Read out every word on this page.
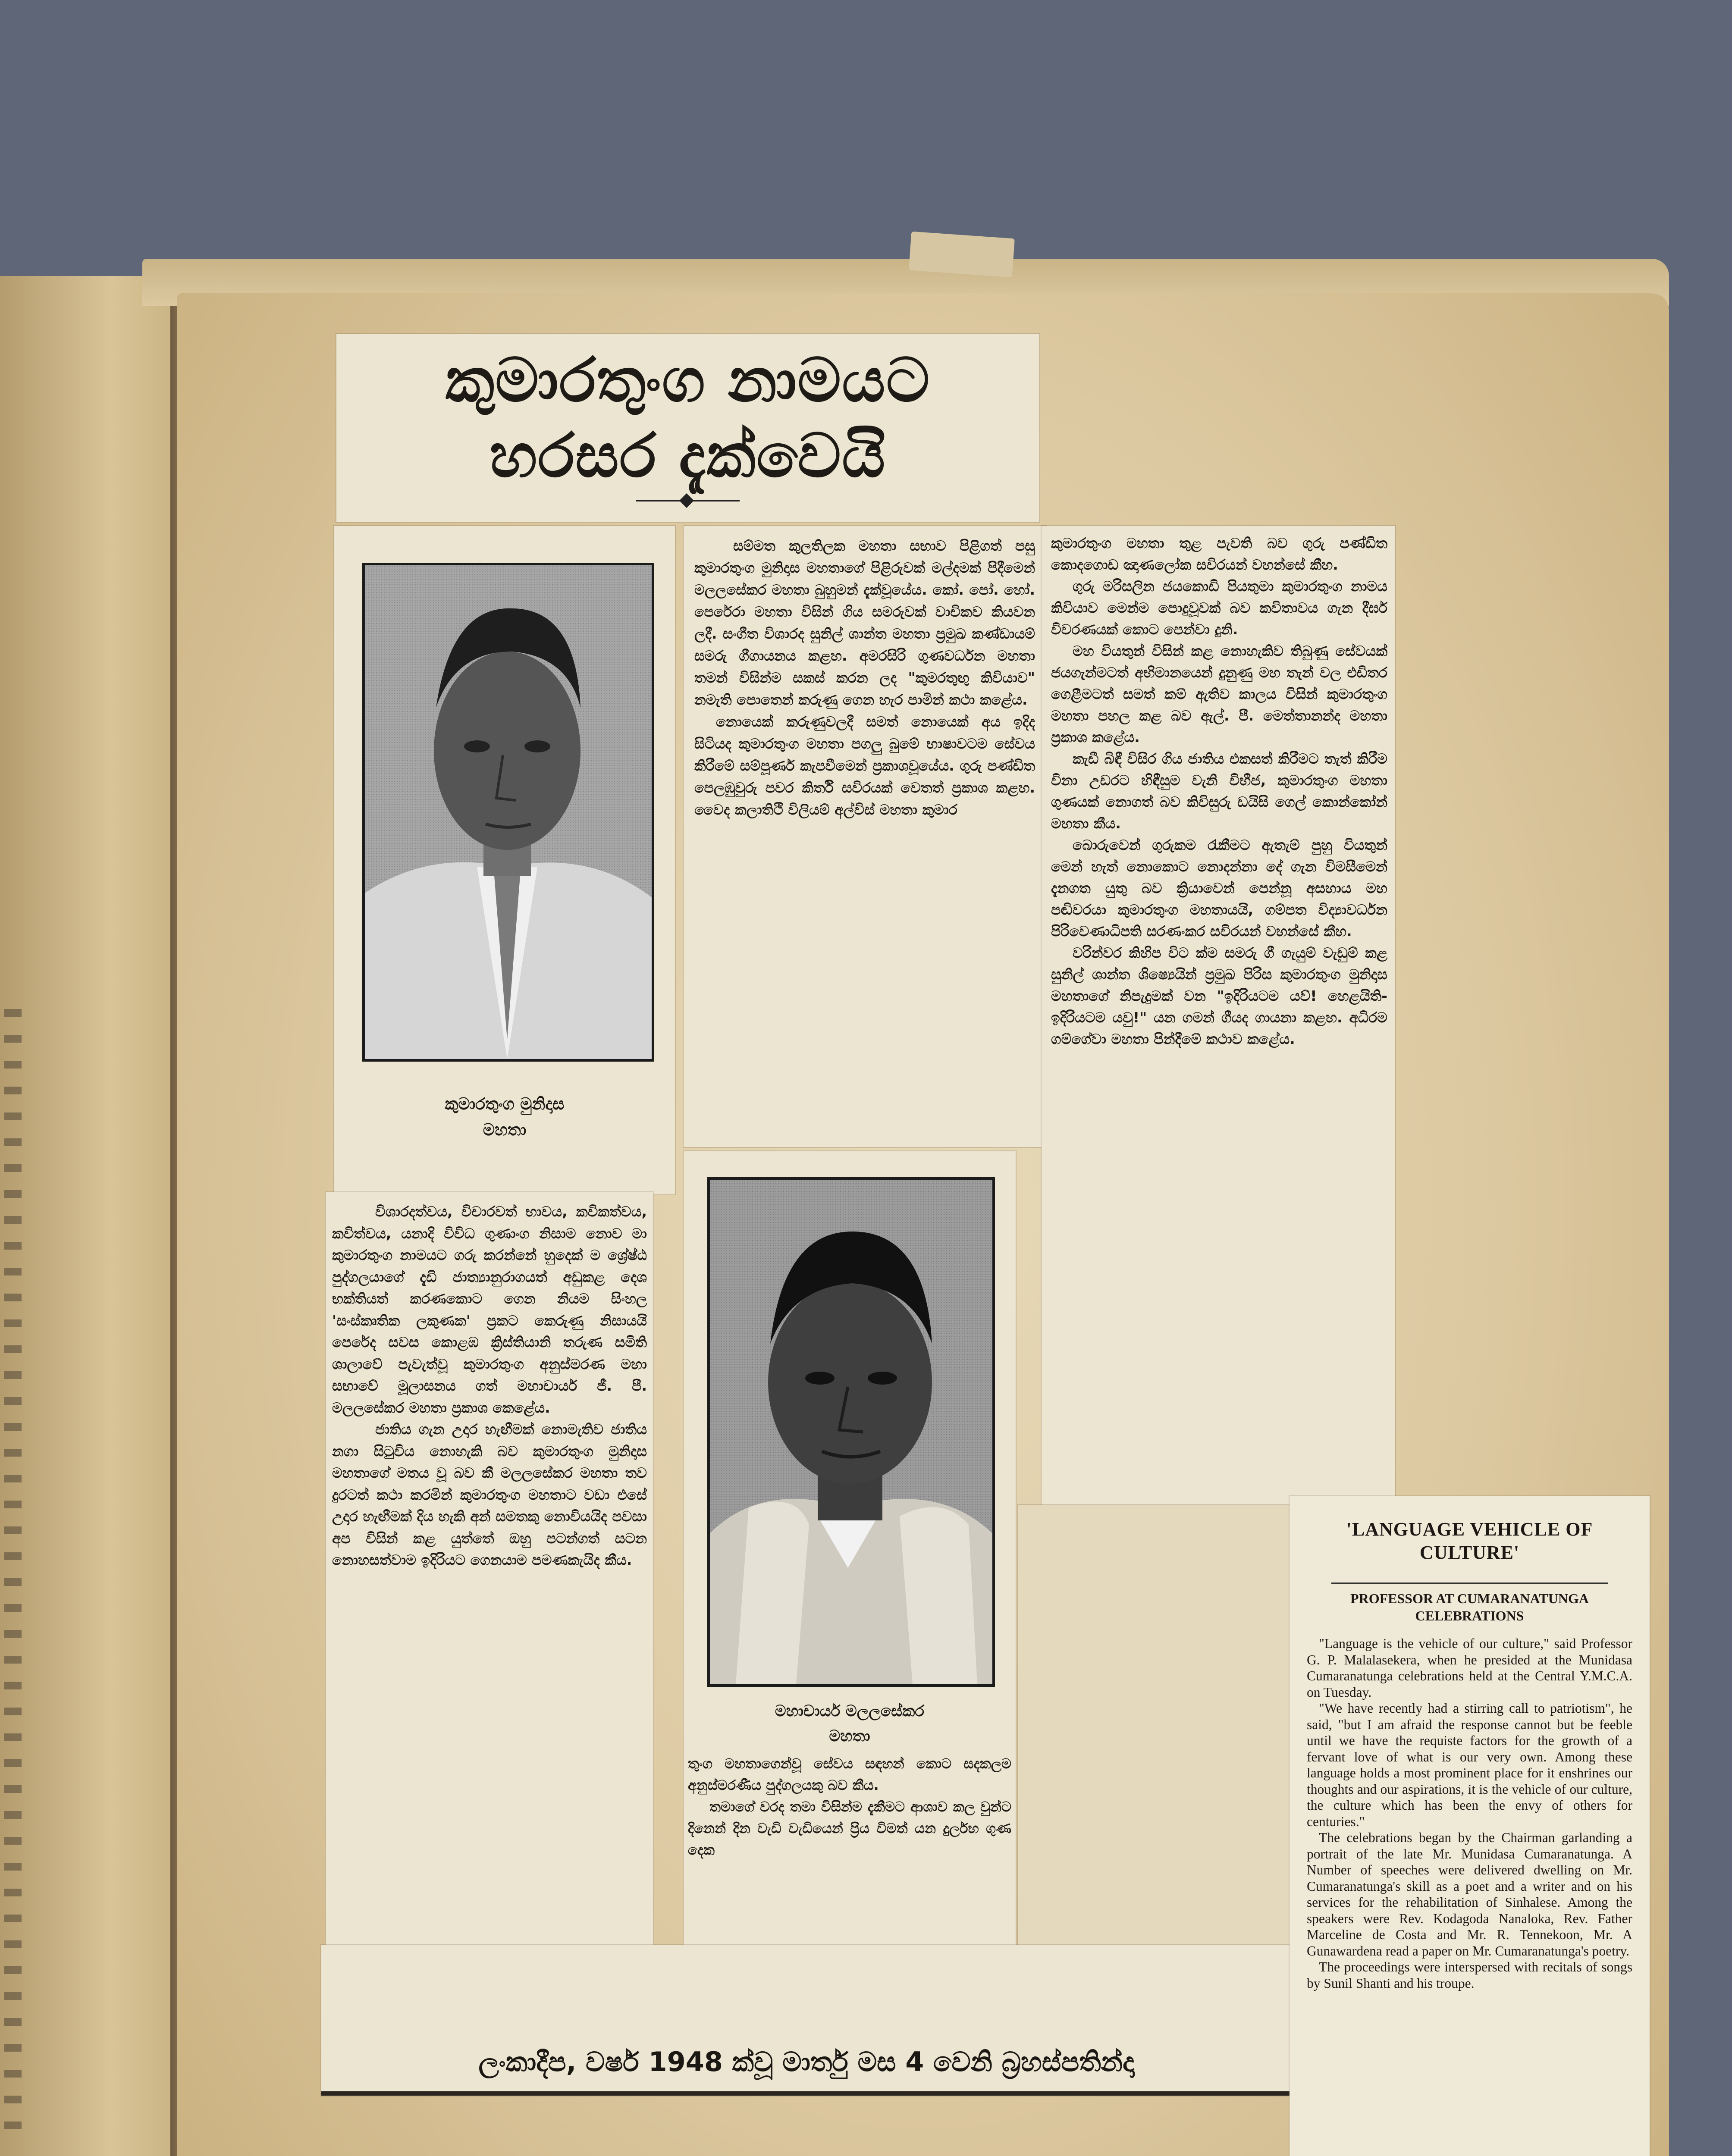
කුමාරතුංග නාමයට
හරසර දැක්වෙයි
කුමාරතුංග මුනිදාස
මහතා

සම්මත කුලතිලක මහතා සභාව පිළිගත් පසු කුමාරතුංග මුනිදාස මහතාගේ පිළිරුවක් මල්දමක් පිදීමෙන් මලලසේකර මහතා බුහුමන් දැක්වූයේය. කෝ. පෝ. හෝ. පෙරේරා මහතා විසින් ගිය සමරුවක් වාචිකව කියවන ලදී. සංගීත විශාරද සුනිල් ශාන්ත මහතා ප්‍රමුඛ කණ්ඩායම් සමරු ගීගායනය කළහ. අමරසිරි ගුණවර්ධන මහතා තමන් විසින්ම සකස් කරන ලද "කුමරතුඟු කිවියාව" නමැති පොතෙන් කරුණු ගෙන හැර පාමින් කථා කළේය.

නොයෙක් කරුණුවලදී සමත් නොයෙක් අය ඉදිද සිටියද කුමාරතුංග මහතා පගලු බුමේ භාෂාවටම සේවය කිරීමේ සම්පූර්ණ කැපවීමෙන් ප්‍රකාශවූයේය. ගුරු පණ්ඩිත පෙලඹුවුරු පවර කිර්ති සවිරයක් වෙතත් ප්‍රකාශ කළහ. වෛද කලාතිථි විලියම් අල්විස් මහතා කුමාර

කුමාරතුංග මහතා තුළ පැවති බව ගුරු පණ්ඩිත කොදගොඩ ඤාණලෝක සවිරයන් වහන්සේ කීහ.

ගුරු මරිසලින ජයකොඩි පියතුමා කුමාරතුංග නාමය කිවියාව මෙන්ම පොදුවූවක් බව කවිතාවය ගැන දීර්ඝ විවරණයක් කොට පෙන්වා දුනි.

මහ වියතුන් විසින් කළ නොහැකිව තිබුණු සේවයක් ජයගැන්මටත් අභිමානයෙන් දුනුණු මහ තැන් වල එඩිතර ගෙළීමටත් සමත් කම් ඇතිව කාලය විසින් කුමාරතුංග මහතා පහල කළ බව ඇල්. පී. මෙත්තානන්ද මහතා ප්‍රකාශ කළේය.

කැඩී බිඳී විසිර ගිය ජාතිය එකසත් කිරීමට තැත් කිරීම විනා උඩරට හිඳීසුම වැනි විභීජ, කුමාරතුංග මහතා ගුණයක් නොගත් බව කිවිසුරු ඩයිසි ගෙල් කොන්කෝන් මහතා කීය.

බොරුවෙන් ගුරුකම රැකීමට ඇතැම් පුහු වියතුන් මෙන් හැත් නොකොට නොදන්නා දේ ගැන විමසීමෙන් දැනගත යුතු බව ක්‍රියාවෙන් පෙන්නූ අසහාය මහ පඬිවරයා කුමාරතුංග මහතායයි, ගම්පත විද්‍යාවර්ධන පිරිවෙණාධිපති සරණංකර සවිරයන් වහන්සේ කීහ.

වරින්වර කිහිප විට ක්ම සමරු ගී ගැයුම් වැඩුම් කළ සුනිල් ශාන්ත ශිෂ්‍යෙයින් ප්‍රමුඛ පිරිස කුමාරතුංග මුනිදාස මහතාගේ නිපැදුමක් වන "ඉදිරියටම යව්! හෙළයිති-ඉදිරියටම යවු!" යන ගමන් ගීයද ගායනා කළහ. අධිරම ගම්ගේවා මහතා පින්දීමේ කථාව කළේය.

විශාරදත්වය, විචාරවත් භාවය, කවිකත්වය, කවිත්වය, යනාදි විවිධ ගුණාංග නිසාම නොව මා කුමාරතුංග නාමයට ගරු කරන්නේ හුදෙක් ම ශ්‍රේෂ්ඨ පුද්ගලයාගේ දැඩි ජාත්‍යානුරාගයත් අඩුකළ දෙශ භක්තියත් කරණකොට ගෙන නියම සිංහල 'සංස්කෘතික ලකුණක' ප්‍රකට කෙරුණු නිසායයි පෙරේද සවස කොළඹ ක්‍රිස්තියානි තරුණ සමිති ශාලාවේ පැවැත්වූ කුමාරතුංග අනුස්මරණ මහා සභාවේ මූලාසනය ගත් මහාචාර්ය ජී. පී. මලලසේකර මහතා ප්‍රකාශ කෙළේය.

ජාතිය ගැන උදාර හැඟීමක් නොමැතිව ජාතිය නගා සිටුවිය නොහැකි බව කුමාරතුංග මුනිදාස මහතාගේ මතය වූ බව කී මලලසේකර මහතා තව දුරටත් කථා කරමින් කුමාරතුංග මහතාට වඩා එසේ උදාර හැඟීමක් දිය හැකි අන් සමතකු නොවියයිද පවසා අප විසින් කළ යුත්තේ ඔහු පටන්ගත් සටන නොහසත්වාම ඉදිරියට ගෙනයාම පමණකැයිද කීය.

මහාචාර්ය මලලසේකර
මහතා

තුංග මහතාගෙන්වූ සේවය සඳහන් කොට සදකලම අනුස්මරණීය පුද්ගලයකු බව කීය.

තමාගේ වරද තමා විසින්ම දැකීමට ආශාව කල වුන්ට දිනෙන් දින වැඩි වැඩියෙන් ප්‍රිය විමත් යන දුර්ලභ ගුණ දෙක

ලංකාදීප, වර්ෂ 1948 ක්වූ මාර්තු මස 4 වෙනි බ්‍රහස්පතින්දා
'LANGUAGE VEHICLE OF CULTURE'
PROFESSOR AT CUMARANATUNGA CELEBRATIONS

"Language is the vehicle of our culture," said Professor G. P. Malalasekera, when he presided at the Munidasa Cumaranatunga celebrations held at the Central Y.M.C.A. on Tuesday.

"We have recently had a stirring call to patriotism", he said, "but I am afraid the response cannot but be feeble until we have the requiste factors for the growth of a fervant love of what is our very own. Among these language holds a most prominent place for it enshrines our thoughts and our aspirations, it is the vehicle of our culture, the culture which has been the envy of others for centuries."

The celebrations began by the Chairman garlanding a portrait of the late Mr. Munidasa Cumaranatunga. A Number of speeches were delivered dwelling on Mr. Cumaranatunga's skill as a poet and a writer and on his services for the rehabilitation of Sinhalese. Among the speakers were Rev. Kodagoda Nanaloka, Rev. Father Marceline de Costa and Mr. R. Tennekoon, Mr. A Gunawardena read a paper on Mr. Cumaranatunga's poetry.

The proceedings were interspersed with recitals of songs by Sunil Shanti and his troupe.
